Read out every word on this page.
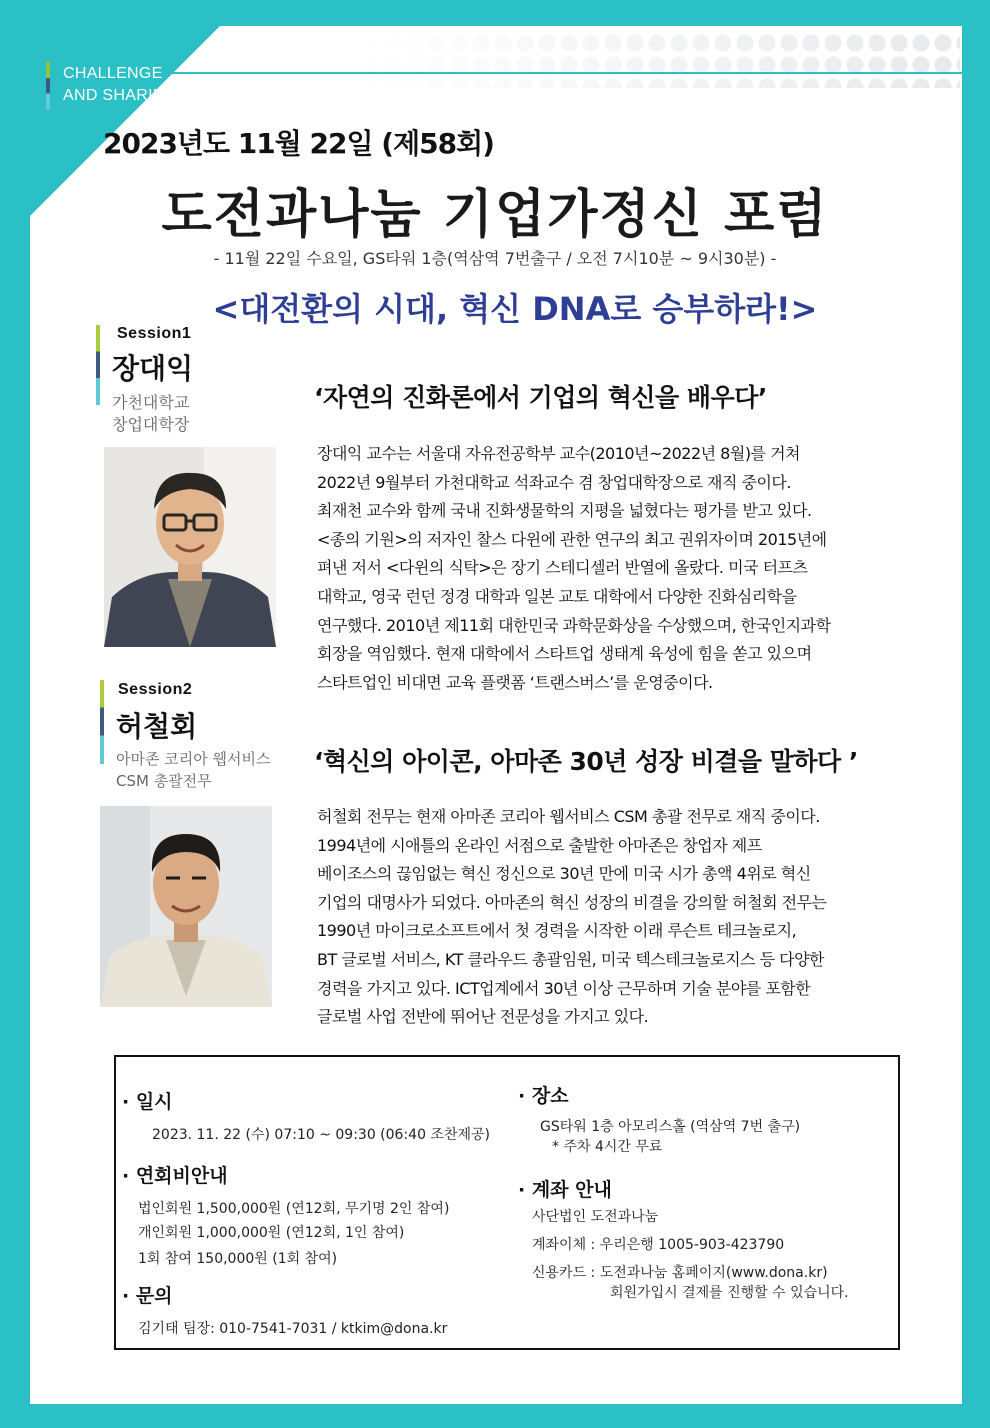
CHALLENGE
AND SHARING
2023년도 11월 22일 (제58회)
도전과나눔 기업가정신 포럼
- 11월 22일 수요일, GS타워 1층(역삼역 7번출구 / 오전 7시10분 ~ 9시30분) -
<대전환의 시대, 혁신 DNA로 승부하라!>
Session1
장대익
가천대학교
창업대학장
‘자연의 진화론에서 기업의 혁신을 배우다’
장대익 교수는 서울대 자유전공학부 교수(2010년~2022년 8월)를 거쳐
2022년 9월부터 가천대학교 석좌교수 겸 창업대학장으로 재직 중이다.
최재천 교수와 함께 국내 진화생물학의 지평을 넓혔다는 평가를 받고 있다.
<종의 기원>의 저자인 찰스 다윈에 관한 연구의 최고 권위자이며 2015년에
펴낸 저서 <다윈의 식탁>은 장기 스테디셀러 반열에 올랐다. 미국 터프츠
대학교, 영국 런던 정경 대학과 일본 교토 대학에서 다양한 진화심리학을
연구했다. 2010년 제11회 대한민국 과학문화상을 수상했으며, 한국인지과학
회장을 역임했다. 현재 대학에서 스타트업 생태계 육성에 힘을 쏟고 있으며
스타트업인 비대면 교육 플랫폼 ‘트랜스버스’를 운영중이다.
Session2
허철회
아마존 코리아 웹서비스
CSM 총괄전무
‘혁신의 아이콘, 아마존 30년 성장 비결을 말하다 ’
허철회 전무는 현재 아마존 코리아 웹서비스 CSM 총괄 전무로 재직 중이다.
1994년에 시애틀의 온라인 서점으로 출발한 아마존은 창업자 제프
베이조스의 끊임없는 혁신 정신으로 30년 만에 미국 시가 총액 4위로 혁신
기업의 대명사가 되었다. 아마존의 혁신 성장의 비결을 강의할 허철회 전무는
1990년 마이크로소프트에서 첫 경력을 시작한 이래 루슨트 테크놀로지,
BT 글로벌 서비스, KT 클라우드 총괄임원, 미국 텍스테크놀로지스 등 다양한
경력을 가지고 있다. ICT업계에서 30년 이상 근무하며 기술 분야를 포함한
글로벌 사업 전반에 뛰어난 전문성을 가지고 있다.
· 일시
2023. 11. 22 (수) 07:10 ~ 09:30 (06:40 조찬제공)
· 연회비안내
법인회원 1,500,000원 (연12회, 무기명 2인 참여)
개인회원 1,000,000원 (연12회, 1인 참여)
1회 참여 150,000원 (1회 참여)
· 문의
김기태 팀장: 010-7541-7031 / ktkim@dona.kr
· 장소
GS타워 1층 아모리스홀 (역삼역 7번 출구)
* 주차 4시간 무료
· 계좌 안내
사단법인 도전과나눔
계좌이체 : 우리은행 1005-903-423790
신용카드 : 도전과나눔 홈페이지(www.dona.kr)
회원가입시 결제를 진행할 수 있습니다.
